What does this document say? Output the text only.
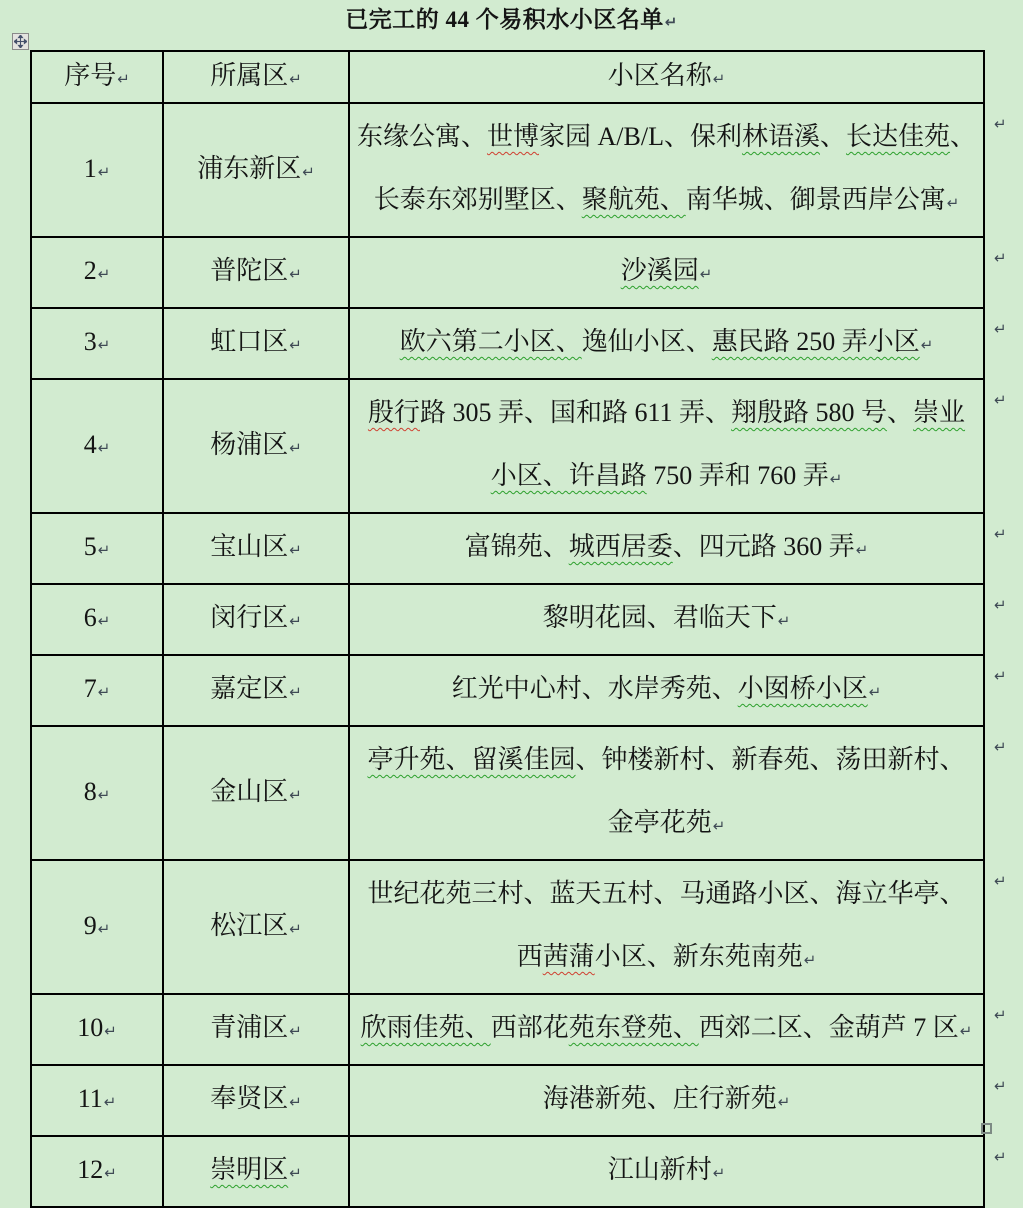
已完工的 44 个易积水小区名单↵
序号↵	所属区↵	小区名称↵
1↵	浦东新区↵	东缘公寓、世博家园 A/B/L、保利林语溪、长达佳苑、长泰东郊别墅区、聚航苑、南华城、御景西岸公寓↵
2↵	普陀区↵	沙溪园↵
3↵	虹口区↵	欧六第二小区、逸仙小区、惠民路 250 弄小区↵
4↵	杨浦区↵	殷行路 305 弄、国和路 611 弄、翔殷路 580 号、崇业小区、许昌路 750 弄和 760 弄↵
5↵	宝山区↵	富锦苑、城西居委、四元路 360 弄↵
6↵	闵行区↵	黎明花园、君临天下↵
7↵	嘉定区↵	红光中心村、水岸秀苑、小囡桥小区↵
8↵	金山区↵	亭升苑、留溪佳园、钟楼新村、新春苑、荡田新村、金亭花苑↵
9↵	松江区↵	世纪花苑三村、蓝天五村、马通路小区、海立华亭、西茜蒲小区、新东苑南苑↵
10↵	青浦区↵	欣雨佳苑、西部花苑东登苑、西郊二区、金葫芦 7 区↵
11↵	奉贤区↵	海港新苑、庄行新苑↵
12↵	崇明区↵	江山新村↵
↵
↵
↵
↵
↵
↵
↵
↵
↵
↵
↵
↵
